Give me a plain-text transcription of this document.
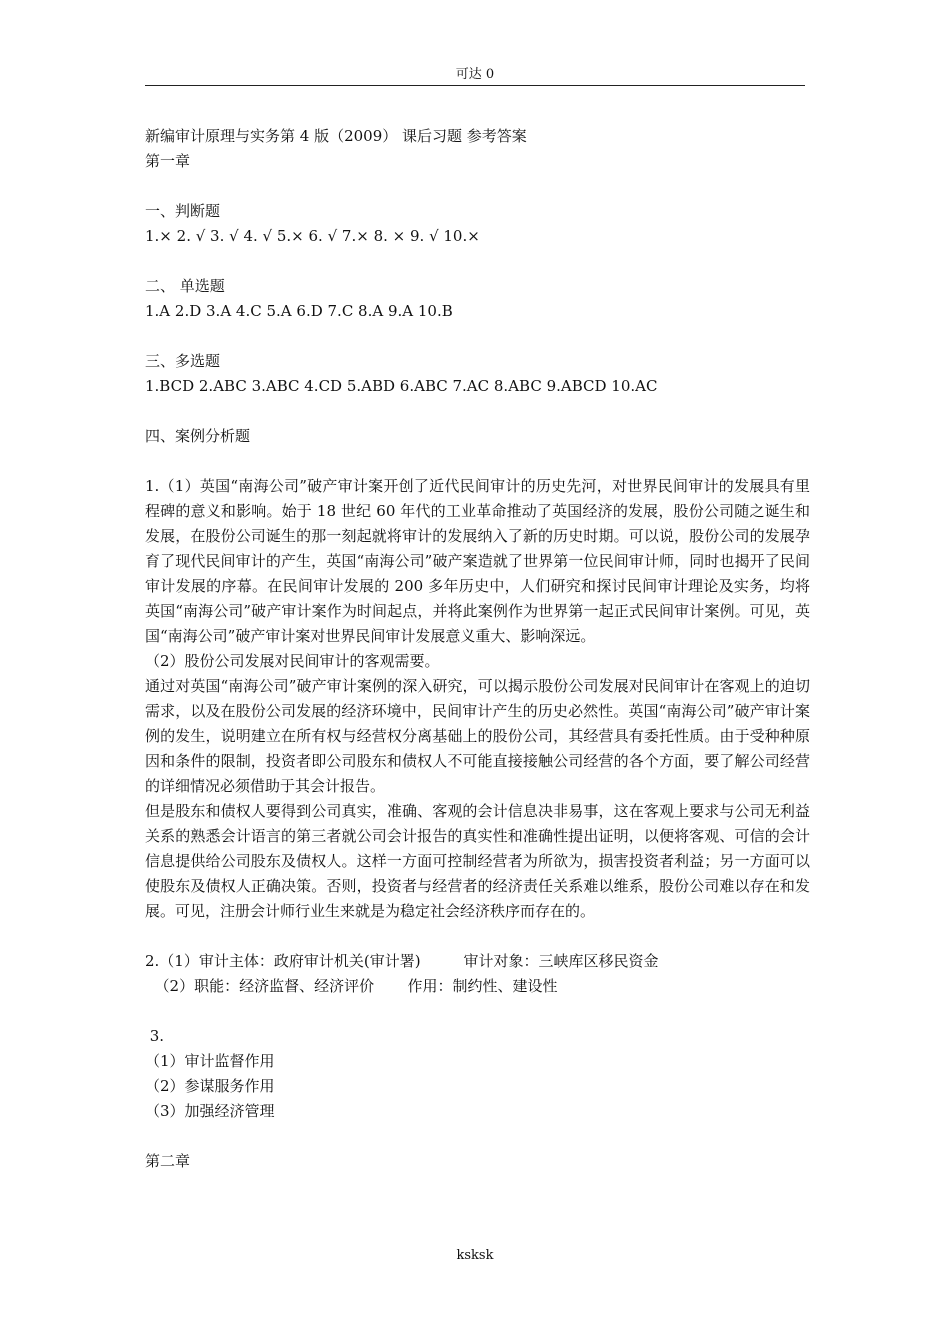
可达 0
新编审计原理与实务第 4 版（2009） 课后习题 参考答案
第一章
一、判断题
1.× 2. √ 3. √ 4. √ 5.× 6. √ 7.× 8. × 9. √ 10.×
二、 单选题
1.A 2.D 3.A 4.C 5.A 6.D 7.C 8.A 9.A 10.B
三、多选题
1.BCD 2.ABC 3.ABC 4.CD 5.ABD 6.ABC 7.AC 8.ABC 9.ABCD 10.AC
四、案例分析题
1.（1）英国“南海公司”破产审计案开创了近代民间审计的历史先河，对世界民间审计的发展具有里程碑的意义和影响。始于 18 世纪 60 年代的工业革命推动了英国经济的发展，股份公司随之诞生和发展，在股份公司诞生的那一刻起就将审计的发展纳入了新的历史时期。可以说，股份公司的发展孕育了现代民间审计的产生，英国“南海公司”破产案造就了世界第一位民间审计师，同时也揭开了民间审计发展的序幕。在民间审计发展的 200 多年历史中，人们研究和探讨民间审计理论及实务，均将英国“南海公司”破产审计案作为时间起点，并将此案例作为世界第一起正式民间审计案例。可见，英国“南海公司”破产审计案对世界民间审计发展意义重大、影响深远。
（2）股份公司发展对民间审计的客观需要。
通过对英国“南海公司”破产审计案例的深入研究，可以揭示股份公司发展对民间审计在客观上的迫切需求，以及在股份公司发展的经济环境中，民间审计产生的历史必然性。英国“南海公司”破产审计案例的发生，说明建立在所有权与经营权分离基础上的股份公司，其经营具有委托性质。由于受种种原因和条件的限制，投资者即公司股东和债权人不可能直接接触公司经营的各个方面，要了解公司经营的详细情况必须借助于其会计报告。
但是股东和债权人要得到公司真实，准确、客观的会计信息决非易事，这在客观上要求与公司无利益关系的熟悉会计语言的第三者就公司会计报告的真实性和准确性提出证明，以便将客观、可信的会计信息提供给公司股东及债权人。这样一方面可控制经营者为所欲为，损害投资者利益；另一方面可以使股东及债权人正确决策。否则，投资者与经营者的经济责任关系难以维系，股份公司难以存在和发展。可见，注册会计师行业生来就是为稳定社会经济秩序而存在的。
2.（1）审计主体：政府审计机关(审计署)         审计对象：三峡库区移民资金
（2）职能：经济监督、经济评价       作用：制约性、建设性
3.
（1）审计监督作用
（2）参谋服务作用
（3）加强经济管理
第二章
ksksk
